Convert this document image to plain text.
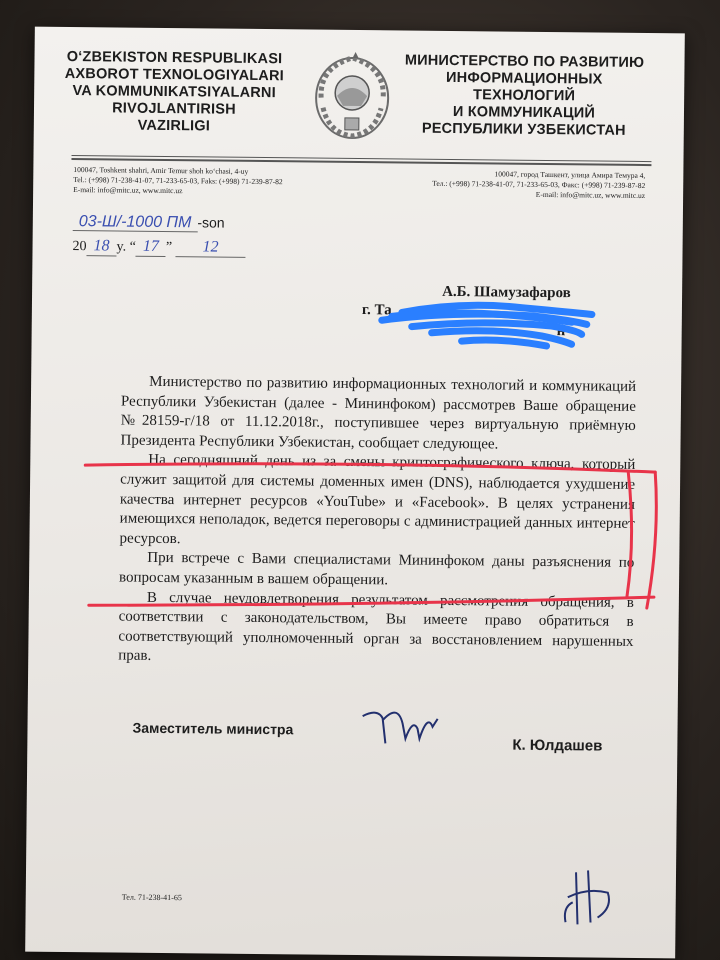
O‘ZBEKISTON RESPUBLIKASI
AXBOROT TEXNOLOGIYALARI
VA KOMMUNIKATSIYALARNI
RIVOJLANTIRISH
VAZIRLIGI
МИНИСТЕРСТВО ПО РАЗВИТИЮ
ИНФОРМАЦИОННЫХ
ТЕХНОЛОГИЙ
И КОММУНИКАЦИЙ
РЕСПУБЛИКИ УЗБЕКИСТАН
100047, Toshkent shahri, Amir Temur shoh ko‘chasi, 4-uy
Tel.: (+998) 71-238-41-07, 71-233-65-03, Faks: (+998) 71-239-87-82
E-mail: info@mitc.uz, www.mitc.uz
100047, город Ташкент, улица Амира Темура 4,
Тел.: (+998) 71-238-41-07, 71-233-65-03, Факс: (+998) 71-239-87-82
E-mail: info@mitc.uz, www.mitc.uz
03-Ш/-1000 ПМ -son
20 18 y. “ 17 ” 12
А.Б. Шамузафаров
г. Та
н

Министерство по развитию информационных технологий и коммуникаций Республики Узбекистан (далее - Мининфоком) рассмотрев Ваше обращение №28159-г/18 от 11.12.2018г., поступившее через виртуальную приёмную Президента Республики Узбекистан, сообщает следующее.

На сегодняшний день из за смены криптографического ключа, который служит защитой для системы доменных имен (DNS), наблюдается ухудшение качества интернет ресурсов «YouTube» и «Facebook». В целях устранения имеющихся неполадок, ведется переговоры с администрацией данных интернет ресурсов.

При встрече с Вами специалистами Мининфоком даны разъяснения по вопросам указанным в вашем обращении.

В случае неудовлетворения результатом рассмотрения обращения, в соответствии с законодательством, Вы имеете право обратиться в соответствующий уполномоченный орган за восстановлением нарушенных прав.

Заместитель министра
К. Юлдашев
Тел. 71-238-41-65
